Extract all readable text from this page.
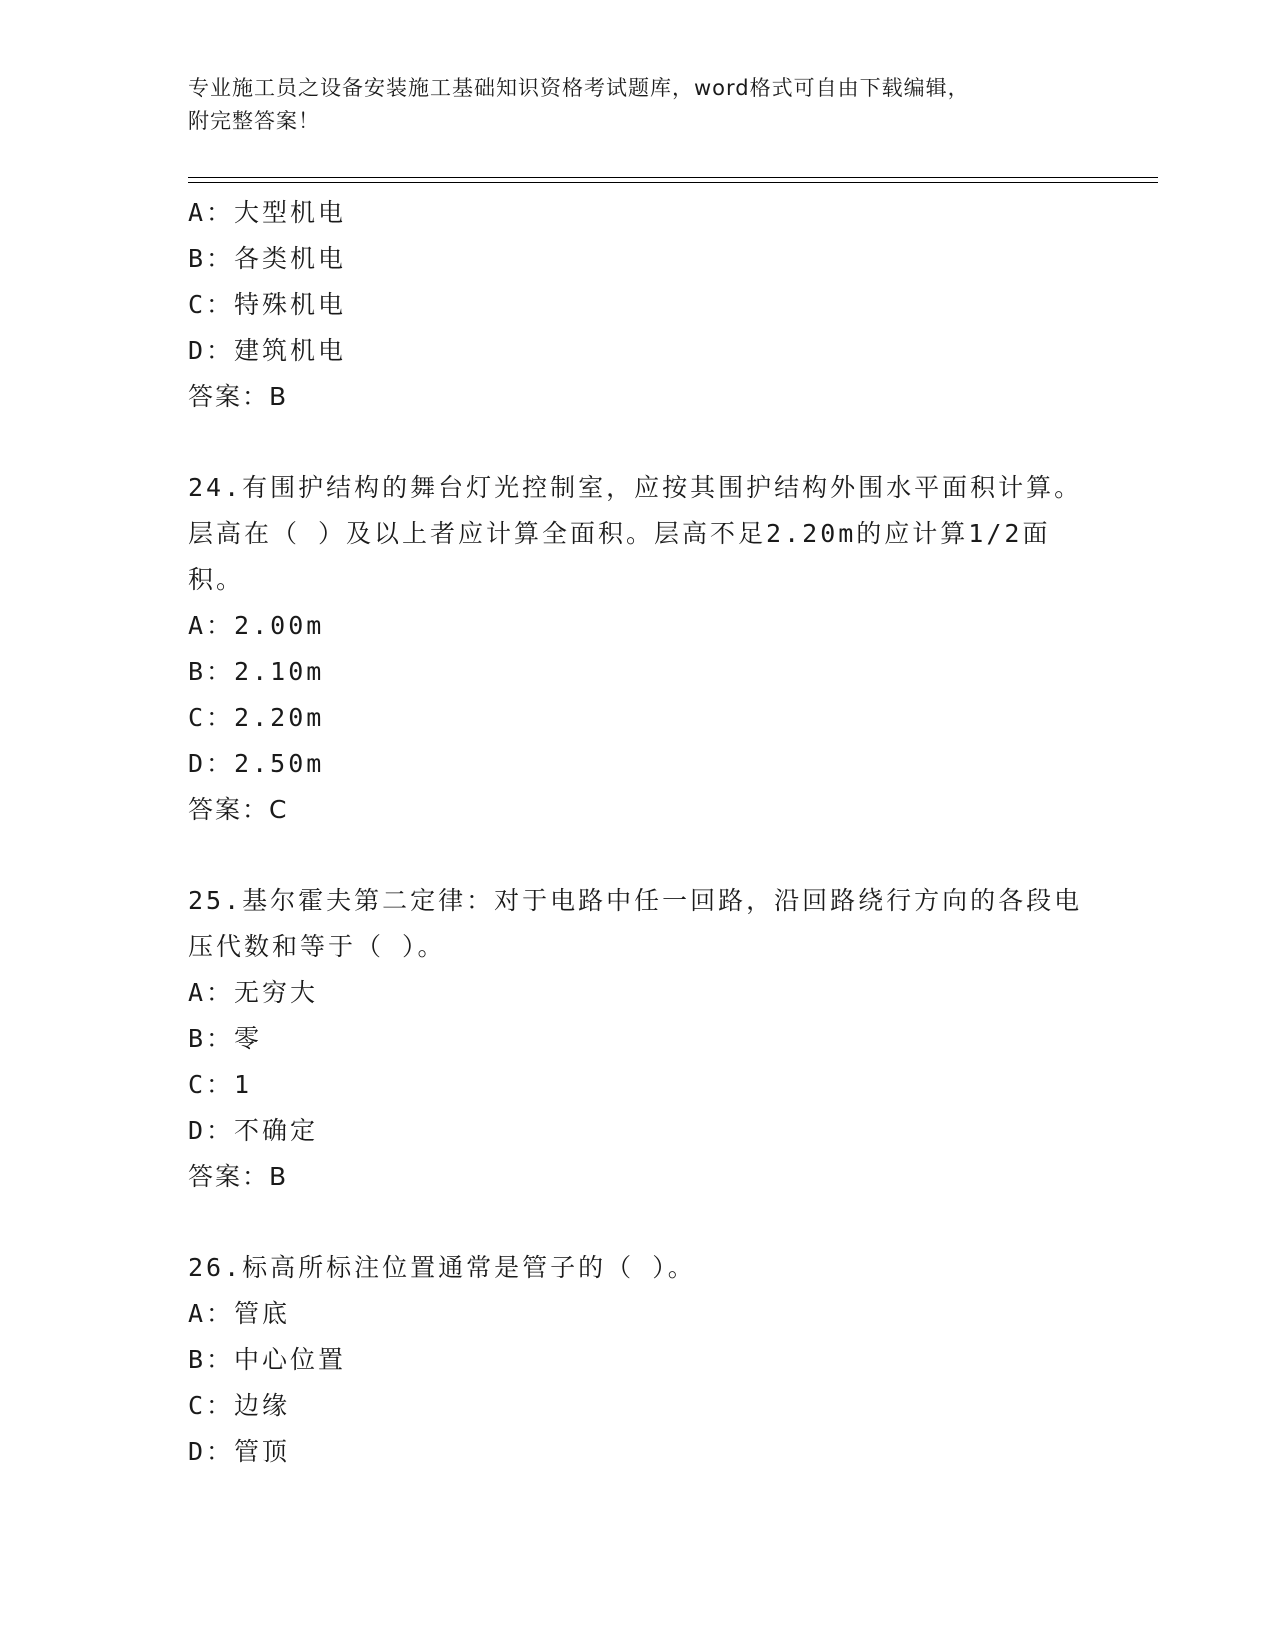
专业施工员之设备安装施工基础知识资格考试题库，word格式可自由下载编辑，
附完整答案！
A：大型机电
B：各类机电
C：特殊机电
D：建筑机电
答案：B
24.有围护结构的舞台灯光控制室，应按其围护结构外围水平面积计算。层高在（ ）及以上者应计算全面积。层高不足2.20m的应计算1/2面积。
A：2.00m
B：2.10m
C：2.20m
D：2.50m
答案：C
25.基尔霍夫第二定律：对于电路中任一回路，沿回路绕行方向的各段电压代数和等于（ ）。
A：无穷大
B：零
C：1
D：不确定
答案：B
26.标高所标注位置通常是管子的（ ）。
A：管底
B：中心位置
C：边缘
D：管顶
